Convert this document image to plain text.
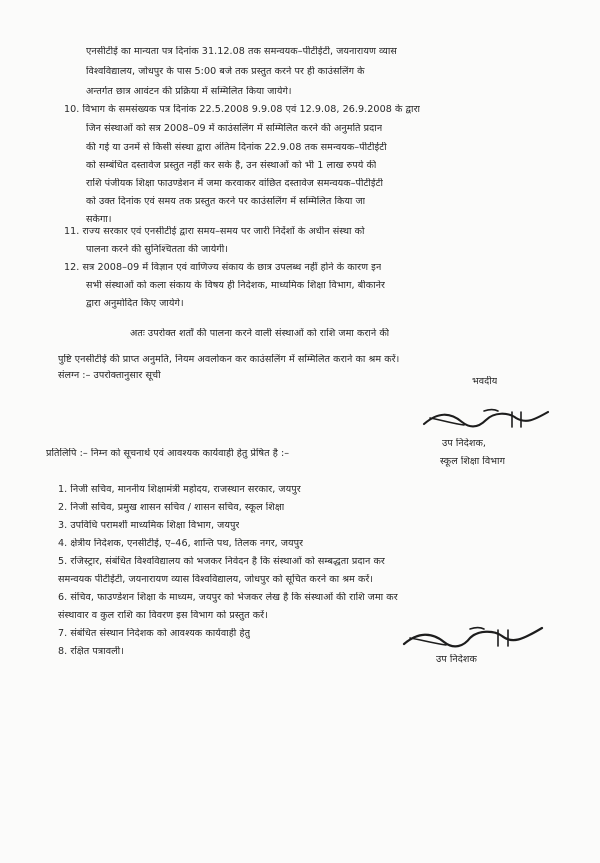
एनसीटीई का मान्यता पत्र दिनांक 31.12.08 तक समन्वयक–पीटीईटी, जयनारायण व्यास
विश्वविद्यालय, जोधपुर के पास 5:00 बजे तक प्रस्तुत करने पर ही काउंसलिंग के
अन्तर्गत छात्र आवंटन की प्रक्रिया में सम्मिलित किया जायेगे।
10. विभाग के समसंख्यक पत्र दिनांक 22.5.2008 9.9.08 एवं 12.9.08, 26.9.2008 के द्वारा
जिन संस्थाओं को सत्र 2008–09 में काउंसलिंग में सम्मिलित करने की अनुमति प्रदान
की गई या उनमें से किसी संस्था द्वारा अंतिम दिनांक 22.9.08 तक समन्वयक–पीटीईटी
को सम्बंधित दस्तावेज प्रस्तुत नहीं कर सके है, उन संस्थाओं को भी 1 लाख रुपये की
राशि पंजीयक शिक्षा फाउण्डेशन में जमा करवाकर वांछित दस्तावेज समन्वयक–पीटीईटी
को उक्त दिनांक एवं समय तक प्रस्तुत करने पर काउंसलिंग में सम्मिलित किया जा
सकेगा।
11. राज्य सरकार एवं एनसीटीई द्वारा समय–समय पर जारी निर्देशों के अधीन संस्था को
पालना करने की सुनिश्चितता की जायेगी।
12. सत्र 2008–09 में विज्ञान एवं वाणिज्य संकाय के छात्र उपलब्ध नहीं होने के कारण इन
सभी संस्थाओं को कला संकाय के विषय ही निदेशक, माध्यमिक शिक्षा विभाग, बीकानेर
द्वारा अनुमोदित किए जायेगे।
अतः उपरोक्त शर्तों की पालना करने वाली संस्थाओं को राशि जमा कराने की
पुष्टि एनसीटीई की प्राप्त अनुमति, नियम अवलोकन कर काउंसलिंग में सम्मिलित कराने का श्रम करें।
संलग्न :– उपरोक्तानुसार सूची
भवदीय
उप निदेशक,
स्कूल शिक्षा विभाग
प्रतिलिपि :– निम्न को सूचनार्थ एवं आवश्यक कार्यवाही हेतु प्रेषित है :–
1. निजी सचिव, माननीय शिक्षामंत्री महोदय, राजस्थान सरकार, जयपुर
2. निजी सचिव, प्रमुख शासन सचिव / शासन सचिव, स्कूल शिक्षा
3. उपविधि परामर्शी माध्यमिक शिक्षा विभाग, जयपुर
4. क्षेत्रीय निदेशक, एनसीटीई, ए–46, शान्ति पथ, तिलक नगर, जयपुर
5. रजिस्ट्रार, संबंधित विश्वविद्यालय को भजकर निवेदन है कि संस्थाओं को सम्बद्धता प्रदान कर
समन्वयक पीटीईटी, जयनारायण व्यास विश्वविद्यालय, जोधपुर को सूचित करने का श्रम करें।
6. संचिव, फाउण्डेशन शिक्षा के माध्यम, जयपुर को भेजकर लेख है कि संस्थाओं की राशि जमा कर
संस्थावार व कुल राशि का विवरण इस विभाग को प्रस्तुत करें।
7. संबंधित संस्थान निदेशक को आवश्यक कार्यवाही हेतु
8. रक्षित पत्रावली।
उप निदेशक
